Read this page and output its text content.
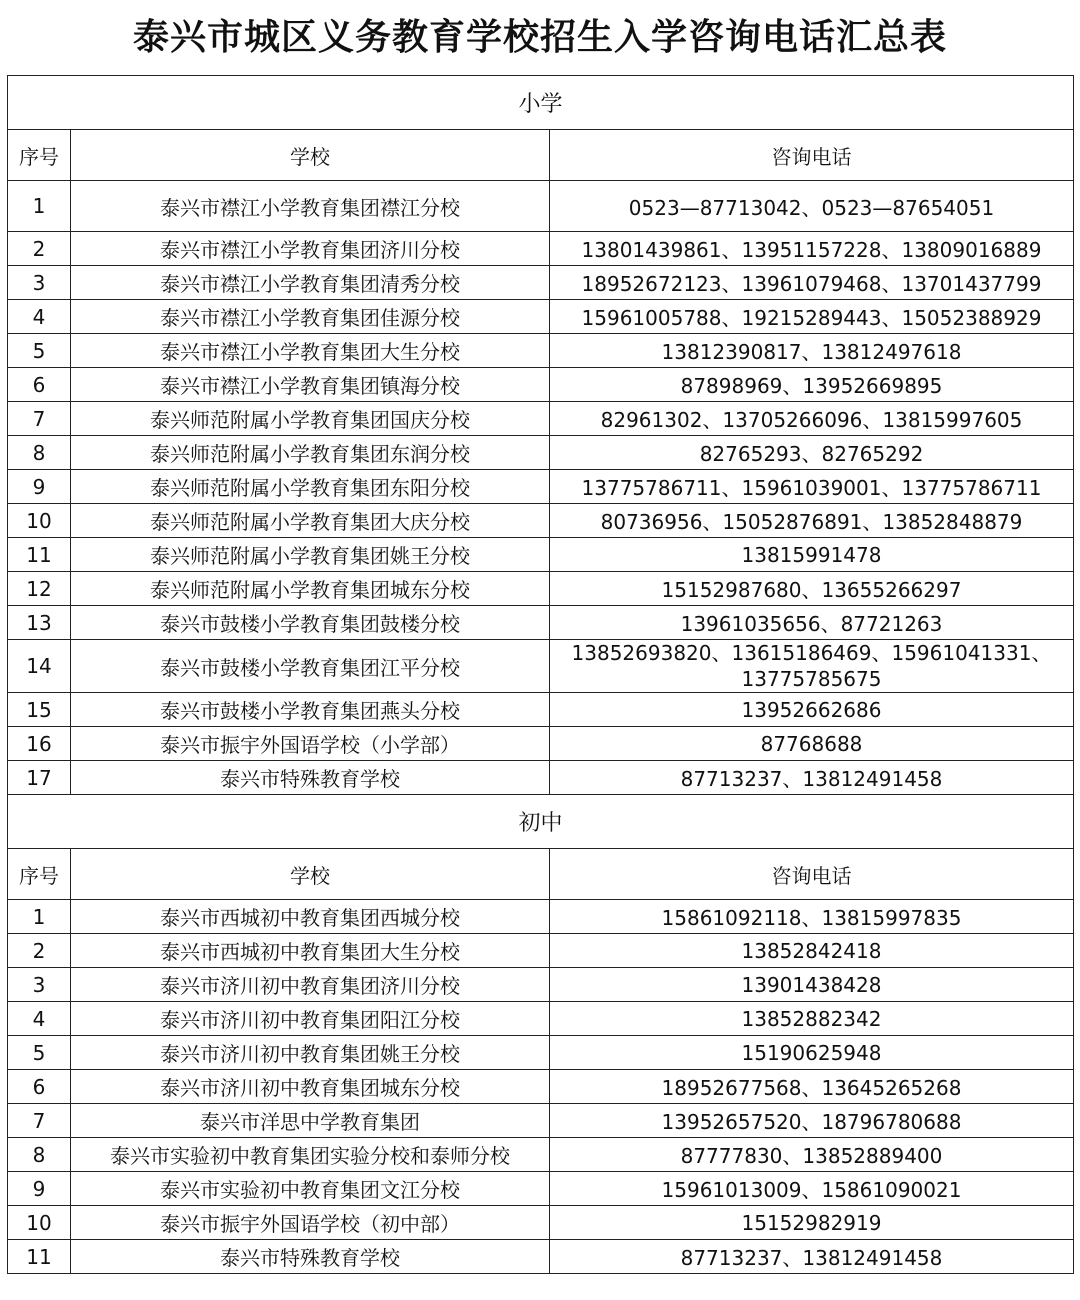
泰兴市城区义务教育学校招生入学咨询电话汇总表
小学		
序号	学校	咨询电话
1	泰兴市襟江小学教育集团襟江分校	0523—87713042、0523—87654051
2	泰兴市襟江小学教育集团济川分校	13801439861、13951157228、13809016889
3	泰兴市襟江小学教育集团清秀分校	18952672123、13961079468、13701437799
4	泰兴市襟江小学教育集团佳源分校	15961005788、19215289443、15052388929
5	泰兴市襟江小学教育集团大生分校	13812390817、13812497618
6	泰兴市襟江小学教育集团镇海分校	87898969、13952669895
7	泰兴师范附属小学教育集团国庆分校	82961302、13705266096、13815997605
8	泰兴师范附属小学教育集团东润分校	82765293、82765292
9	泰兴师范附属小学教育集团东阳分校	13775786711、15961039001、13775786711
10	泰兴师范附属小学教育集团大庆分校	80736956、15052876891、13852848879
11	泰兴师范附属小学教育集团姚王分校	13815991478
12	泰兴师范附属小学教育集团城东分校	15152987680、13655266297
13	泰兴市鼓楼小学教育集团鼓楼分校	13961035656、87721263
14	泰兴市鼓楼小学教育集团江平分校	13852693820、13615186469、15961041331、13775785675
15	泰兴市鼓楼小学教育集团燕头分校	13952662686
16	泰兴市振宇外国语学校（小学部）	87768688
17	泰兴市特殊教育学校	87713237、13812491458
初中		
序号	学校	咨询电话
1	泰兴市西城初中教育集团西城分校	15861092118、13815997835
2	泰兴市西城初中教育集团大生分校	13852842418
3	泰兴市济川初中教育集团济川分校	13901438428
4	泰兴市济川初中教育集团阳江分校	13852882342
5	泰兴市济川初中教育集团姚王分校	15190625948
6	泰兴市济川初中教育集团城东分校	18952677568、13645265268
7	泰兴市洋思中学教育集团	13952657520、18796780688
8	泰兴市实验初中教育集团实验分校和泰师分校	87777830、13852889400
9	泰兴市实验初中教育集团文江分校	15961013009、15861090021
10	泰兴市振宇外国语学校（初中部）	15152982919
11	泰兴市特殊教育学校	87713237、13812491458
